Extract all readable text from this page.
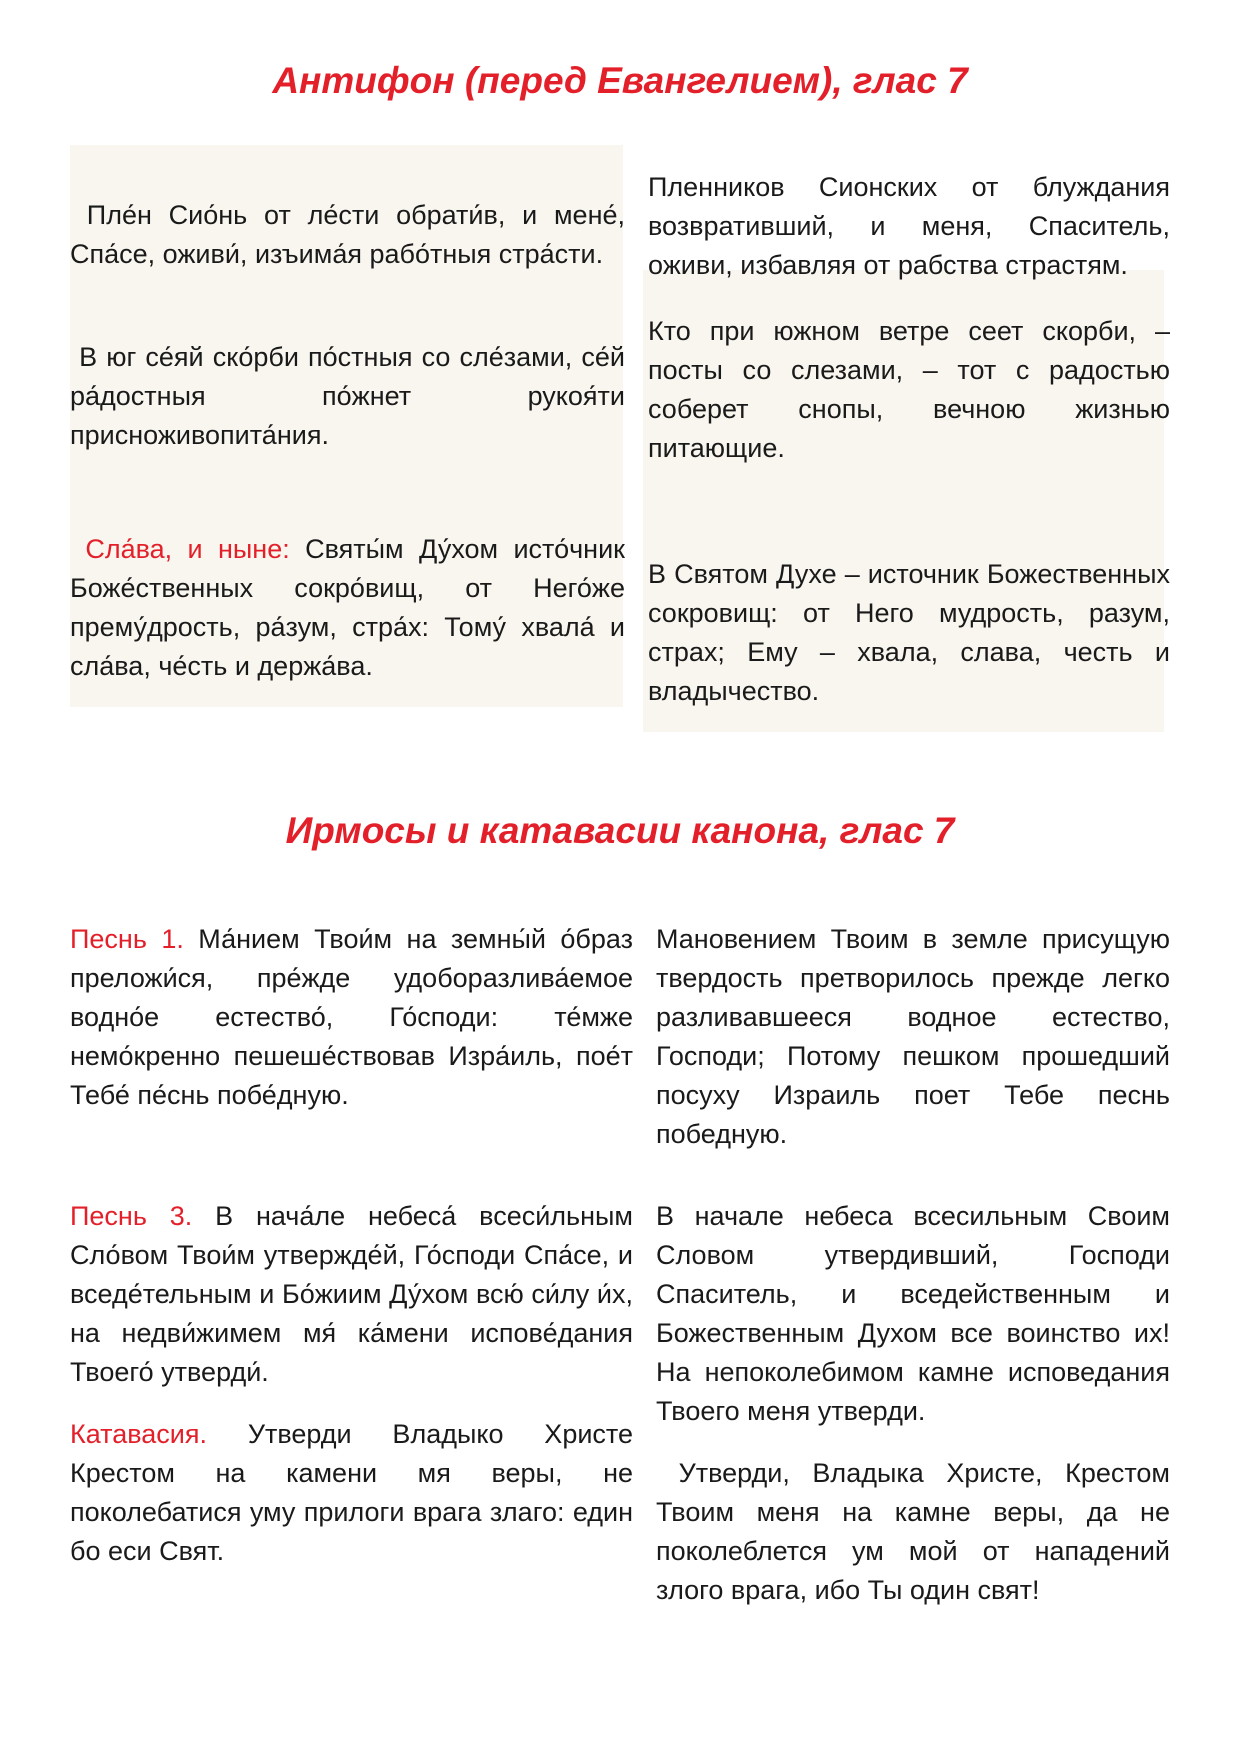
Антифон (перед Евангелием), глас 7

Пле́н Сио́нь от ле́сти обрати́в, и мене́, Спа́се, оживи́, изъима́я рабо́тныя стра́сти.

В юг се́яй ско́рби по́стныя со сле́зами, се́й ра́достныя по́жнет рукоя́ти присноживопита́ния.

Сла́ва, и ныне: Святы́м Ду́хом исто́чник Боже́ственных сокро́вищ, от Него́же прему́дрость, ра́зум, стра́х: Тому́ хвала́ и сла́ва, че́сть и держа́ва.

Пленников Сионских от блуждания возвративший, и меня, Спаситель, оживи, избавляя от рабства страстям.

Кто при южном ветре сеет скорби, – посты со слезами, – тот с радостью соберет снопы, вечною жизнью питающие.

В Святом Духе – источник Божественных сокровищ: от Него мудрость, разум, страх; Ему – хвала, слава, честь и владычество.

Ирмосы и катавасии канона, глас 7

Песнь 1. Ма́нием Твои́м на земны́й о́браз преложи́ся, пре́жде удоборазлива́емое водно́е естество́, Го́споди: те́мже немо́кренно пешеше́ствовав Изра́иль, пое́т Тебе́ пе́снь побе́дную.

Песнь 3. В нача́ле небеса́ всеси́льным Сло́вом Твои́м утвержде́й, Го́споди Спа́се, и вседе́тельным и Бо́жиим Ду́хом всю́ си́лу и́х, на недви́жимем мя́ ка́мени испове́дания Твоего́ утверди́.

Катавасия. Утверди Владыко Христе Крестом на камени мя веры, не поколебатися уму прилоги врага злаго: един бо еси Свят.

Мановением Твоим в земле присущую твердость претворилось прежде легко разливавшееся водное естество, Господи; Потому пешком прошедший посуху Израиль поет Тебе песнь победную.

В начале небеса всесильным Своим Словом утвердивший, Господи Спаситель, и вседейственным и Божественным Духом все воинство их! На непоколебимом камне исповедания Твоего меня утверди.

Утверди, Владыка Христе, Крестом Твоим меня на камне веры, да не поколеблется ум мой от нападений злого врага, ибо Ты один свят!
